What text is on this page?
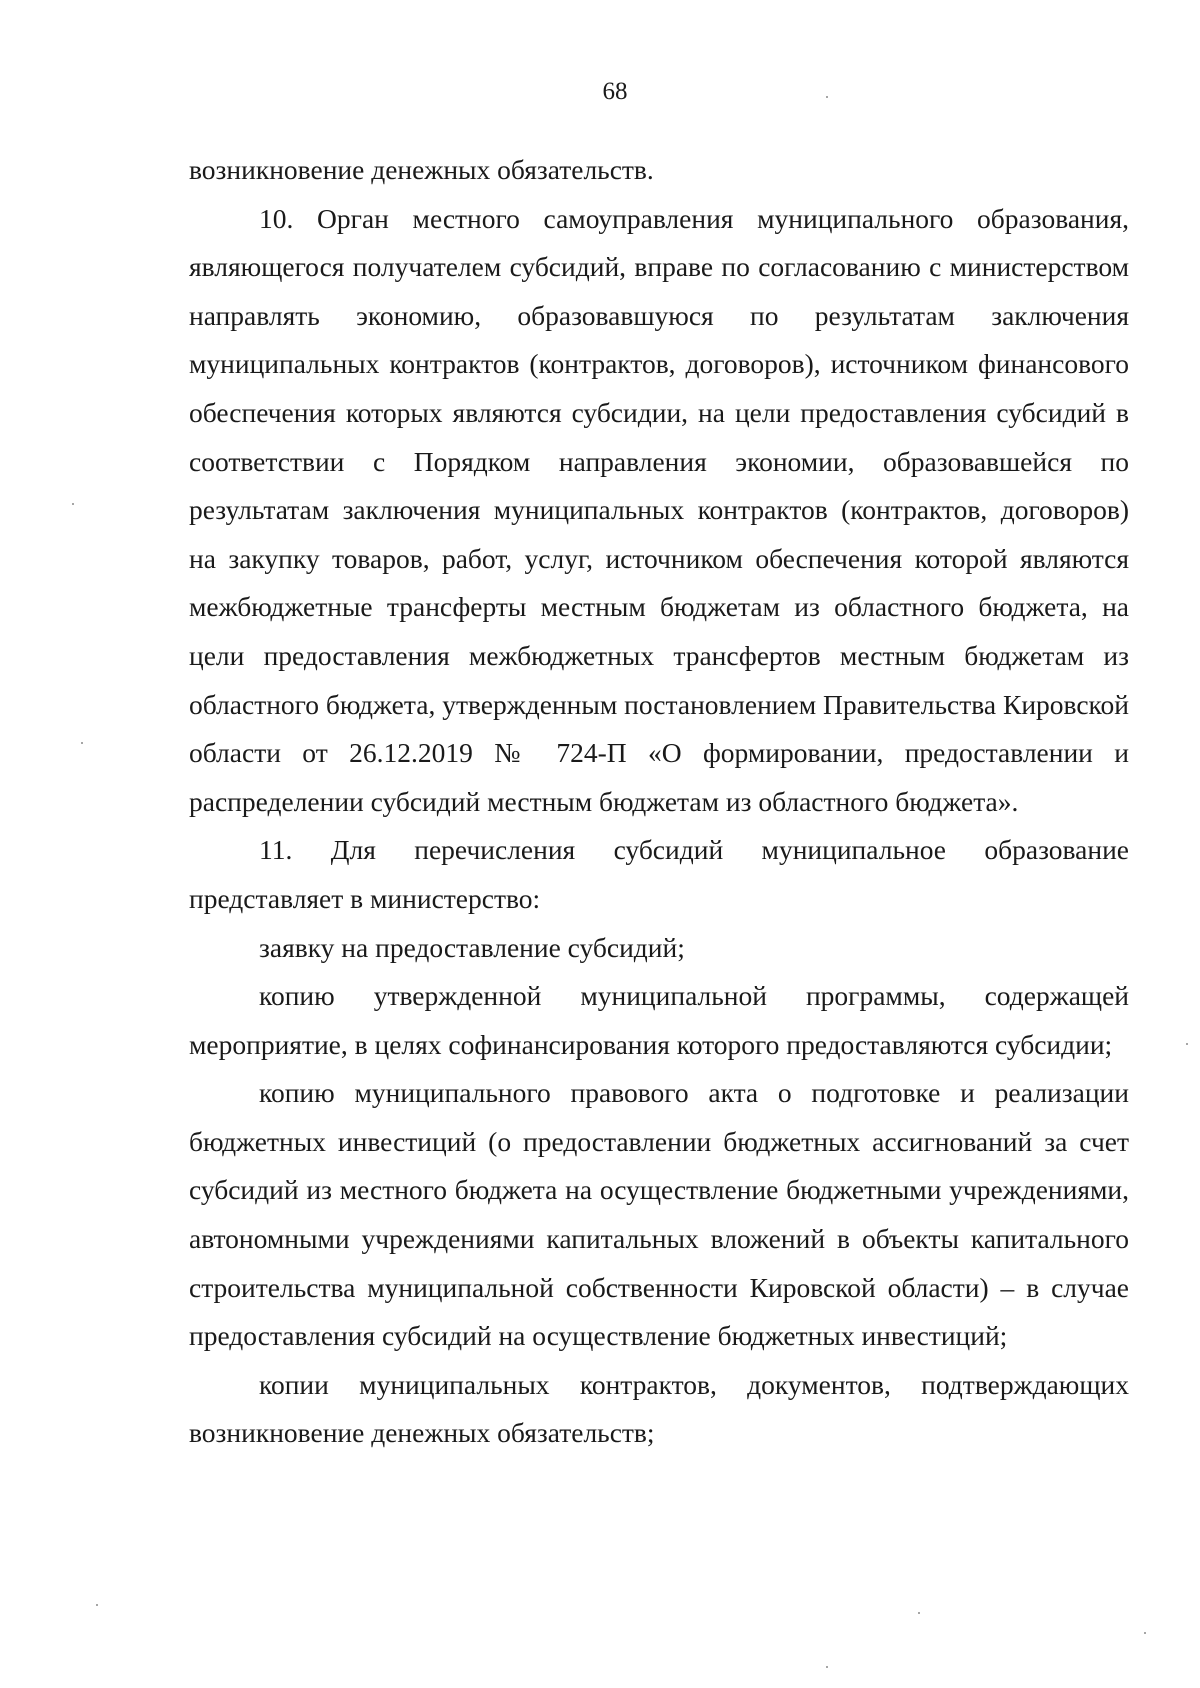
68

возникновение денежных обязательств.

10. Орган местного самоуправления муниципального образования, являющегося получателем субсидий, вправе по согласованию с министерством направлять экономию, образовавшуюся по результатам заключения муниципальных контрактов (контрактов, договоров), источником финансового обеспечения которых являются субсидии, на цели предоставления субсидий в соответствии с Порядком направления экономии, образовавшейся по результатам заключения муниципальных контрактов (контрактов, договоров) на закупку товаров, работ, услуг, источником обеспечения которой являются межбюджетные трансферты местным бюджетам из областного бюджета, на цели предоставления межбюджетных трансфертов местным бюджетам из областного бюджета, утвержденным постановлением Правительства Кировской области от 26.12.2019 № 724-П «О формировании, предоставлении и распределении субсидий местным бюджетам из областного бюджета».

11. Для перечисления субсидий муниципальное образование представляет в министерство:

заявку на предоставление субсидий;

копию утвержденной муниципальной программы, содержащей мероприятие, в целях софинансирования которого предоставляются субсидии;

копию муниципального правового акта о подготовке и реализации бюджетных инвестиций (о предоставлении бюджетных ассигнований за счет субсидий из местного бюджета на осуществление бюджетными учреждениями, автономными учреждениями капитальных вложений в объекты капитального строительства муниципальной собственности Кировской области) – в случае предоставления субсидий на осуществление бюджетных инвестиций;

копии муниципальных контрактов, документов, подтверждающих возникновение денежных обязательств;
